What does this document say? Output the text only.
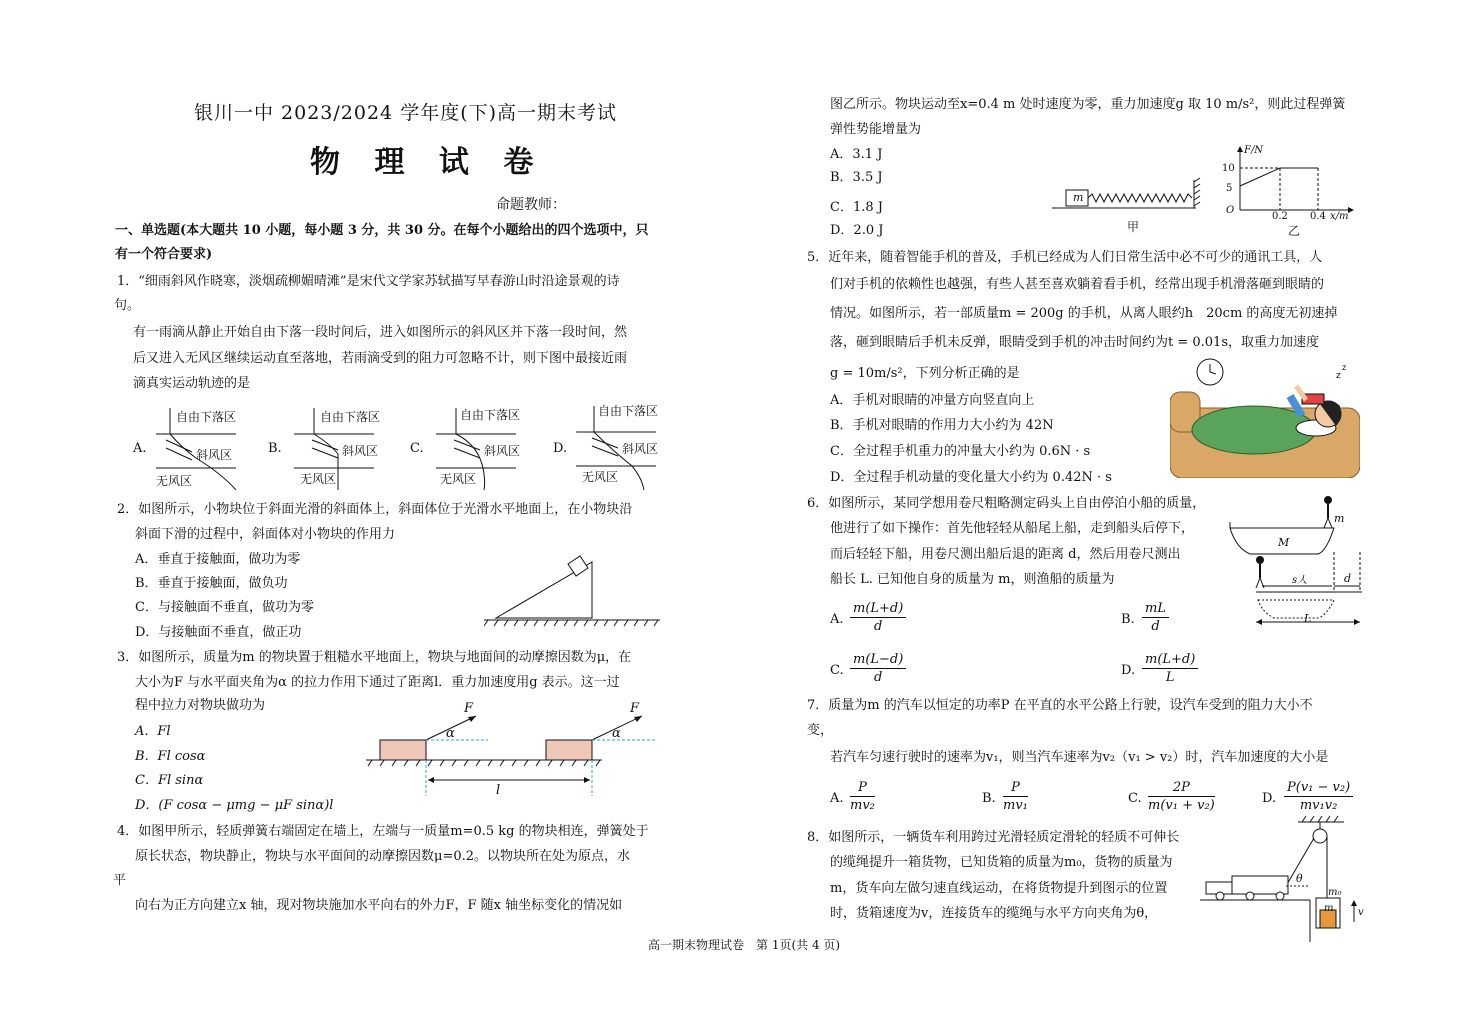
银川一中 2023/2024 学年度(下)高一期末考试
物 理 试 卷
命题教师：
一、单选题(本大题共 10 小题，每小题 3 分，共 30 分。在每个小题给出的四个选项中，只
有一个符合要求)
1．“细雨斜风作晓寒，淡烟疏柳媚晴滩”是宋代文学家苏轼描写早春游山时沿途景观的诗
句。
有一雨滴从静止开始自由下落一段时间后，进入如图所示的斜风区并下落一段时间，然
后又进入无风区继续运动直至落地，若雨滴受到的阻力可忽略不计，则下图中最接近雨
滴真实运动轨迹的是
A.	B.	C.	D.
自由下落区
斜风区
无风区
自由下落区
斜风区
无风区
自由下落区
斜风区
无风区
自由下落区
斜风区
无风区
2．如图所示，小物块位于斜面光滑的斜面体上，斜面体位于光滑水平地面上，在小物块沿
斜面下滑的过程中，斜面体对小物块的作用力
A．垂直于接触面，做功为零
B．垂直于接触面，做负功
C．与接触面不垂直，做功为零
D．与接触面不垂直，做正功
3．如图所示，质量为m 的物块置于粗糙水平地面上，物块与地面间的动摩擦因数为μ，在
大小为F 与水平面夹角为α 的拉力作用下通过了距离l．重力加速度用g 表示。这一过
程中拉力对物块做功为
A．Fl
B．Fl cosα
C．Fl sinα
D．(F cosα − μmg − μF sinα)l
F
α
F
α
l
4．如图甲所示，轻质弹簧右端固定在墙上，左端与一质量m=0.5 kg 的物块相连，弹簧处于
原长状态，物块静止，物块与水平面间的动摩擦因数μ=0.2。以物块所在处为原点，水
平
向右为正方向建立x 轴，现对物块施加水平向右的外力F，F 随x 轴坐标变化的情况如
图乙所示。物块运动至x=0.4 m 处时速度为零，重力加速度g 取 10 m/s²，则此过程弹簧
弹性势能增量为
A．3.1 J
B．3.5 J
C．1.8 J
D．2.0 J
m
甲
F/N
10
5
O
0.2 0.4 x/m
乙
5．近年来，随着智能手机的普及，手机已经成为人们日常生活中必不可少的通讯工具，人
们对手机的依赖性也越强，有些人甚至喜欢躺着看手机，经常出现手机滑落砸到眼睛的
情况。如图所示，若一部质量m = 200g 的手机，从离人眼约h　20cm 的高度无初速掉
落，砸到眼睛后手机未反弹，眼睛受到手机的冲击时间约为t = 0.01s，取重力加速度
g = 10m/s²，下列分析正确的是
A．手机对眼睛的冲量方向竖直向上
B．手机对眼睛的作用力大小约为 42N
C．全过程手机重力的冲量大小约为 0.6N · s
D．全过程手机动量的变化量大小约为 0.42N · s
z
z
6．如图所示，某同学想用卷尺粗略测定码头上自由停泊小船的质量，
他进行了如下操作：首先他轻轻从船尾上船，走到船头后停下，
而后轻轻下船，用卷尺测出船后退的距离 d，然后用卷尺测出
船长 L. 已知他自身的质量为 m，则渔船的质量为
m
M
s人	d
L
A. $\frac{m(L+d)}{d}$	B. $\frac{mL}{d}$
C. $\frac{m(L-d)}{d}$	D. $\frac{m(L+d)}{L}$
7．质量为m 的汽车以恒定的功率P 在平直的水平公路上行驶，设汽车受到的阻力大小不
变，
若汽车匀速行驶时的速率为v₁，则当汽车速率为v₂（v₁ > v₂）时，汽车加速度的大小是
A. $\frac{P}{\text{mv₂}}$	B. $\frac{P}{\text{mv₁}}$	C. $\frac{2P}{\text{m(v₁ + v₂)}}$	D. $\frac{\text{P(v₁ − v₂)}}{\text{mv₁v₂}}$
8．如图所示，一辆货车利用跨过光滑轻质定滑轮的轻质不可伸长
的缆绳提升一箱货物，已知货箱的质量为m₀，货物的质量为
m，货车向左做匀速直线运动，在将货物提升到图示的位置
时，货箱速度为v，连接货车的缆绳与水平方向夹角为θ，
θ
m₀
m v
高一期末物理试卷　第 1页(共 4 页)
